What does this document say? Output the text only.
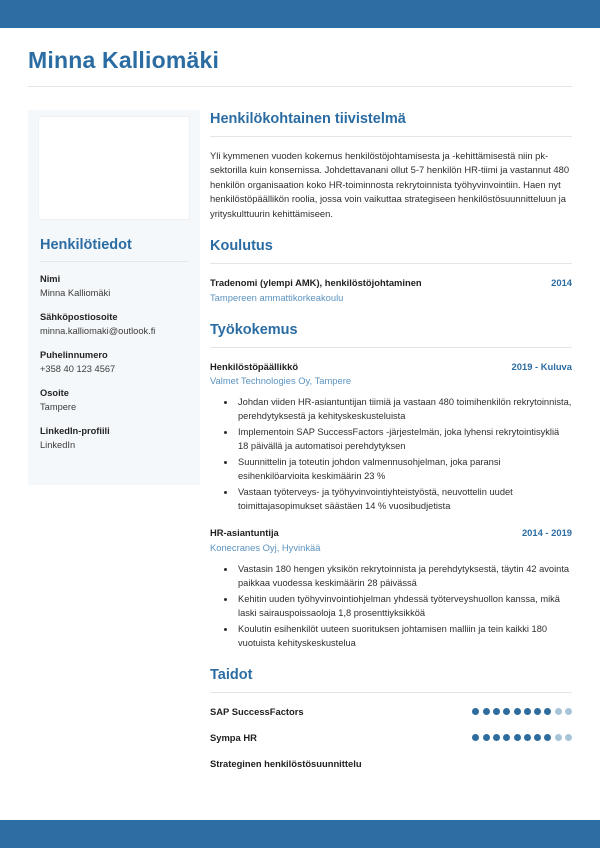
Minna Kalliomäki
Henkilötiedot
Nimi
Minna Kalliomäki
Sähköpostiosoite
minna.kalliomaki@outlook.fi
Puhelinnumero
+358 40 123 4567
Osoite
Tampere
LinkedIn-profiili
LinkedIn
Henkilökohtainen tiivistelmä

Yli kymmenen vuoden kokemus henkilöstöjohtamisesta ja -kehittämisestä niin pk-sektorilla kuin konsernissa. Johdettavanani ollut 5-7 henkilön HR-tiimi ja vastannut 480 henkilön organisaation koko HR-toiminnosta rekrytoinnista työhyvinvointiin. Haen nyt henkilöstöpäällikön roolia, jossa voin vaikuttaa strategiseen henkilöstösuunnitteluun ja yrityskulttuurin kehittämiseen.

Koulutus
Tradenomi (ylempi AMK), henkilöstöjohtaminen	2014
Tampereen ammattikorkeakoulu
Työkokemus
Henkilöstöpäällikkö	2019 - Kuluva
Valmet Technologies Oy, Tampere
• Johdan viiden HR-asiantuntijan tiimiä ja vastaan 480 toimihenkilön rekrytoinnista, perehdytyksestä ja kehityskeskusteluista
• Implementoin SAP SuccessFactors -järjestelmän, joka lyhensi rekrytointisykliä 18 päivällä ja automatisoi perehdytyksen
• Suunnittelin ja toteutin johdon valmennusohjelman, joka paransi esihenkilöarvioita keskimäärin 23 %
• Vastaan työterveys- ja työhyvinvointiyhteistyöstä, neuvottelin uudet toimittajasopimukset säästäen 14 % vuosibudjetista
HR-asiantuntija	2014 - 2019
Konecranes Oyj, Hyvinkää
• Vastasin 180 hengen yksikön rekrytoinnista ja perehdytyksestä, täytin 42 avointa paikkaa vuodessa keskimäärin 28 päivässä
• Kehitin uuden työhyvinvointiohjelman yhdessä työterveyshuollon kanssa, mikä laski sairauspoissaoloja 1,8 prosenttiyksikköä
• Koulutin esihenkilöt uuteen suorituksen johtamisen malliin ja tein kaikki 180 vuotuista kehityskeskustelua
Taidot
SAP SuccessFactors
Sympa HR
Strateginen henkilöstösuunnittelu
